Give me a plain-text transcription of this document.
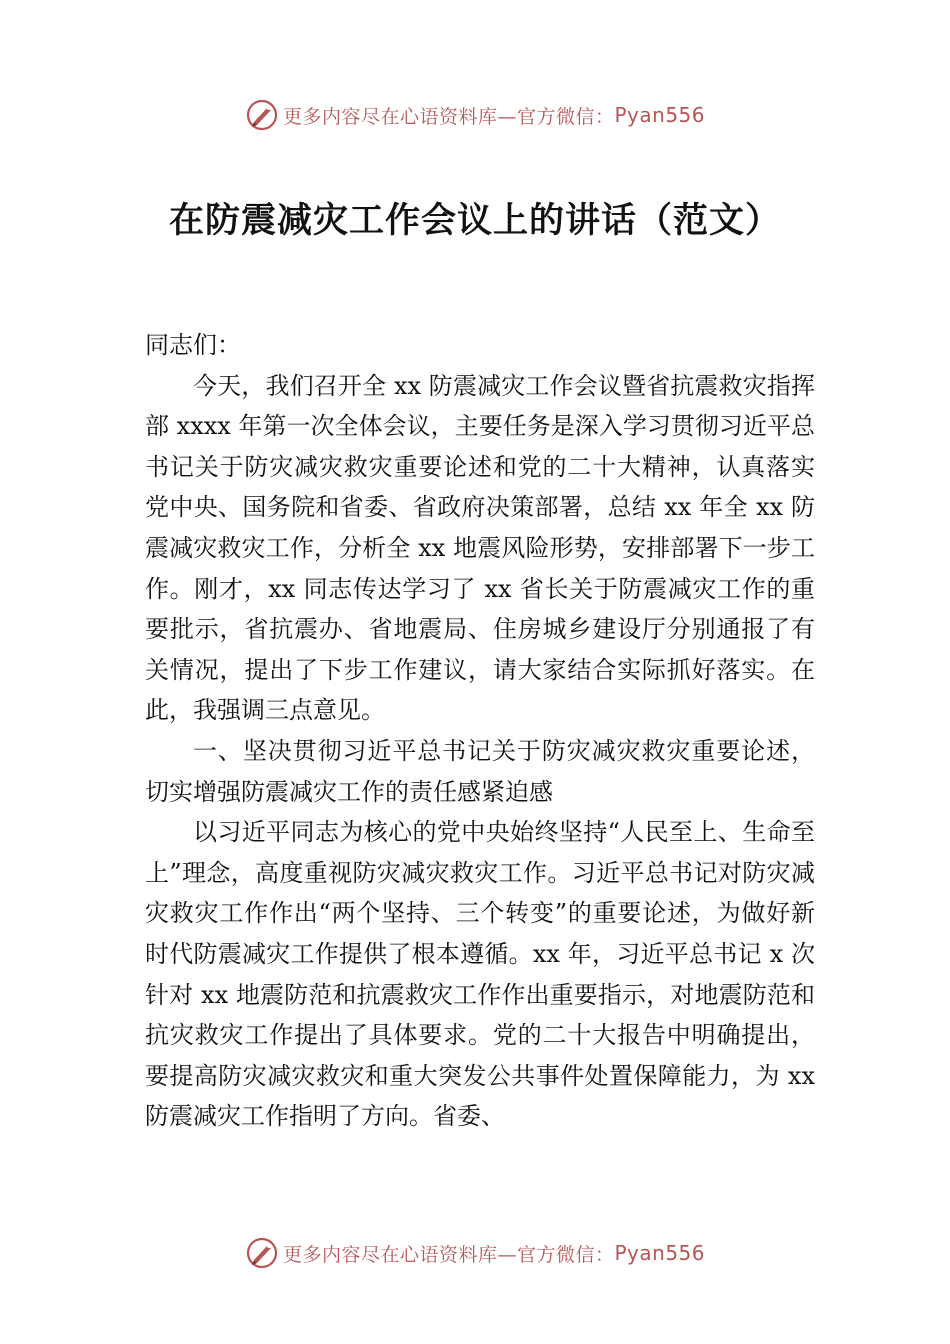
更多内容尽在心语资料库—官方微信： Pyan556
在防震减灾工作会议上的讲话（范文）

同志们：

今天，我们召开全 xx 防震减灾工作会议暨省抗震救灾指挥部 xxxx 年第一次全体会议，主要任务是深入学习贯彻习近平总书记关于防灾减灾救灾重要论述和党的二十大精神，认真落实党中央、国务院和省委、省政府决策部署，总结 xx 年全 xx 防震减灾救灾工作，分析全 xx 地震风险形势，安排部署下一步工作。刚才，xx 同志传达学习了 xx 省长关于防震减灾工作的重要批示，省抗震办、省地震局、住房城乡建设厅分别通报了有关情况，提出了下步工作建议，请大家结合实际抓好落实。在此，我强调三点意见。

一、坚决贯彻习近平总书记关于防灾减灾救灾重要论述，切实增强防震减灾工作的责任感紧迫感

以习近平同志为核心的党中央始终坚持“人民至上、生命至上”理念，高度重视防灾减灾救灾工作。习近平总书记对防灾减灾救灾工作作出“两个坚持、三个转变”的重要论述，为做好新时代防震减灾工作提供了根本遵循。xx 年，习近平总书记 x 次针对 xx 地震防范和抗震救灾工作作出重要指示，对地震防范和抗灾救灾工作提出了具体要求。党的二十大报告中明确提出，要提高防灾减灾救灾和重大突发公共事件处置保障能力，为 xx 防震减灾工作指明了方向。省委、

更多内容尽在心语资料库—官方微信： Pyan556
